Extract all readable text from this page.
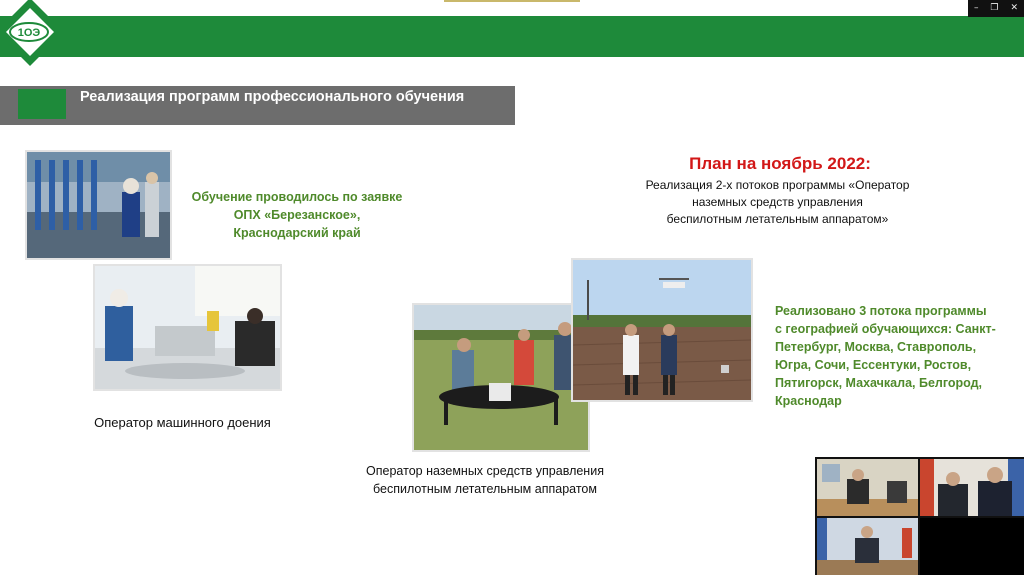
– ❐ ✕
1ОЭ
Реализация программ профессионального обучения
Обучение проводилось по заявке
ОПХ «Березанское»,
Краснодарский край
Оператор машинного доения
Оператор наземных средств управления
беспилотным летательным аппаратом
План на ноябрь 2022:
Реализация 2-х потоков программы «Оператор
наземных средств управления
беспилотным летательным аппаратом»
Реализовано 3 потока программы
с географией обучающихся: Санкт-
Петербург, Москва, Ставрополь,
Югра, Сочи, Ессентуки, Ростов,
Пятигорск, Махачкала, Белгород,
Краснодар
